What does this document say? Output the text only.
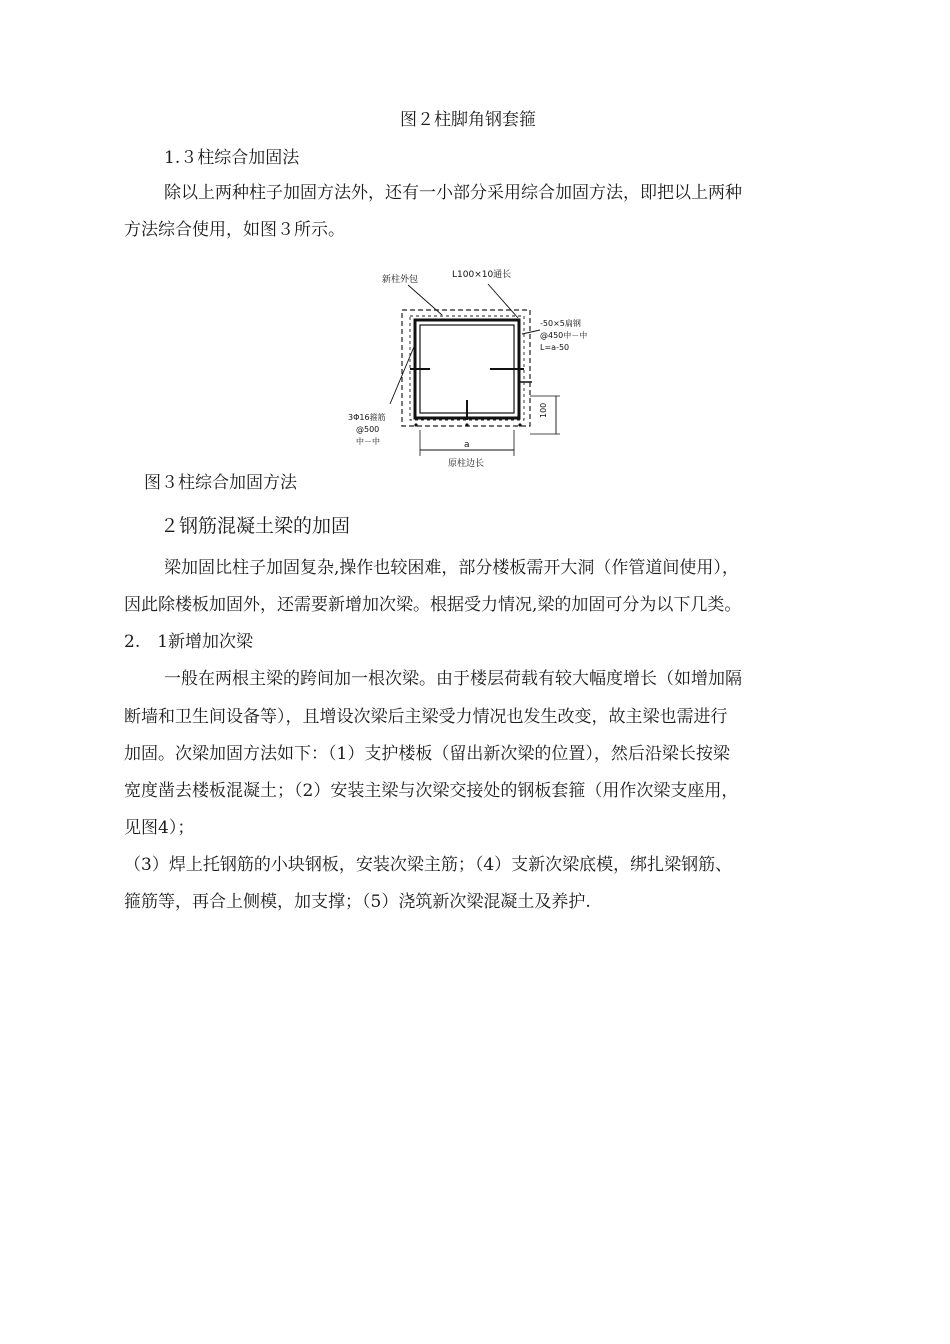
图２柱脚角钢套箍
1.３柱综合加固法
除以上两种柱子加固方法外，还有一小部分采用综合加固方法，即把以上两种
方法综合使用，如图３所示。
新柱外包	L100×10通长
-50×5扁钢
@450中－中
L=a-50
3Φ16箍筋
@500
中－中
100
a
原柱边长
图３柱综合加固方法
２钢筋混凝土梁的加固
梁加固比柱子加固复杂,操作也较困难，部分楼板需开大洞（作管道间使用），
因此除楼板加固外，还需要新增加次梁。根据受力情况,梁的加固可分为以下几类。
2.　1新增加次梁
一般在两根主梁的跨间加一根次梁。由于楼层荷载有较大幅度增长（如增加隔
断墙和卫生间设备等），且增设次梁后主梁受力情况也发生改变，故主梁也需进行
加固。次梁加固方法如下：（1）支护楼板（留出新次梁的位置），然后沿梁长按梁
宽度凿去楼板混凝土；（2）安装主梁与次梁交接处的钢板套箍（用作次梁支座用，
见图4）；
（3）焊上托钢筋的小块钢板，安装次梁主筋；（4）支新次梁底模，绑扎梁钢筋、
箍筋等，再合上侧模，加支撑；（5）浇筑新次梁混凝土及养护.
